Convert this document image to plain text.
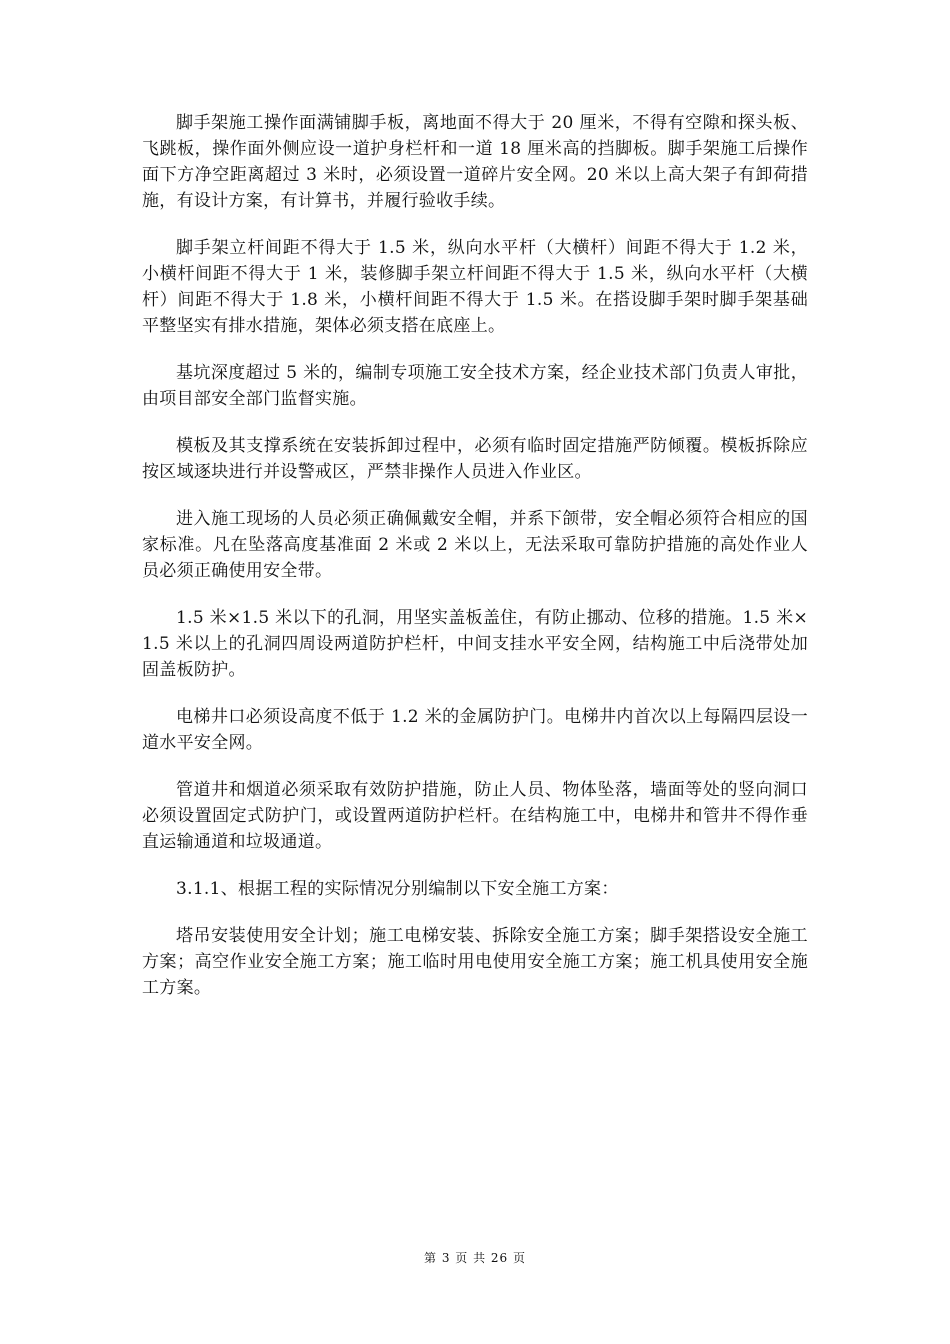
脚手架施工操作面满铺脚手板，离地面不得大于 20 厘米，不得有空隙和探头板、飞跳板，操作面外侧应设一道护身栏杆和一道 18 厘米高的挡脚板。脚手架施工后操作面下方净空距离超过 3 米时，必须设置一道碎片安全网。20 米以上高大架子有卸荷措施，有设计方案，有计算书，并履行验收手续。

脚手架立杆间距不得大于 1.5 米，纵向水平杆（大横杆）间距不得大于 1.2 米，小横杆间距不得大于 1 米，装修脚手架立杆间距不得大于 1.5 米，纵向水平杆（大横杆）间距不得大于 1.8 米，小横杆间距不得大于 1.5 米。在搭设脚手架时脚手架基础平整坚实有排水措施，架体必须支搭在底座上。

基坑深度超过 5 米的，编制专项施工安全技术方案，经企业技术部门负责人审批，由项目部安全部门监督实施。

模板及其支撑系统在安装拆卸过程中，必须有临时固定措施严防倾覆。模板拆除应按区域逐块进行并设警戒区，严禁非操作人员进入作业区。

进入施工现场的人员必须正确佩戴安全帽，并系下颌带，安全帽必须符合相应的国家标准。凡在坠落高度基准面 2 米或 2 米以上，无法采取可靠防护措施的高处作业人员必须正确使用安全带。

1.5 米×1.5 米以下的孔洞，用坚实盖板盖住，有防止挪动、位移的措施。1.5 米×1.5 米以上的孔洞四周设两道防护栏杆，中间支挂水平安全网，结构施工中后浇带处加固盖板防护。

电梯井口必须设高度不低于 1.2 米的金属防护门。电梯井内首次以上每隔四层设一道水平安全网。

管道井和烟道必须采取有效防护措施，防止人员、物体坠落，墙面等处的竖向洞口必须设置固定式防护门，或设置两道防护栏杆。在结构施工中，电梯井和管井不得作垂直运输通道和垃圾通道。

3.1.1、根据工程的实际情况分别编制以下安全施工方案：

塔吊安装使用安全计划；施工电梯安装、拆除安全施工方案；脚手架搭设安全施工方案；高空作业安全施工方案；施工临时用电使用安全施工方案；施工机具使用安全施工方案。

第 3 页 共 26 页
